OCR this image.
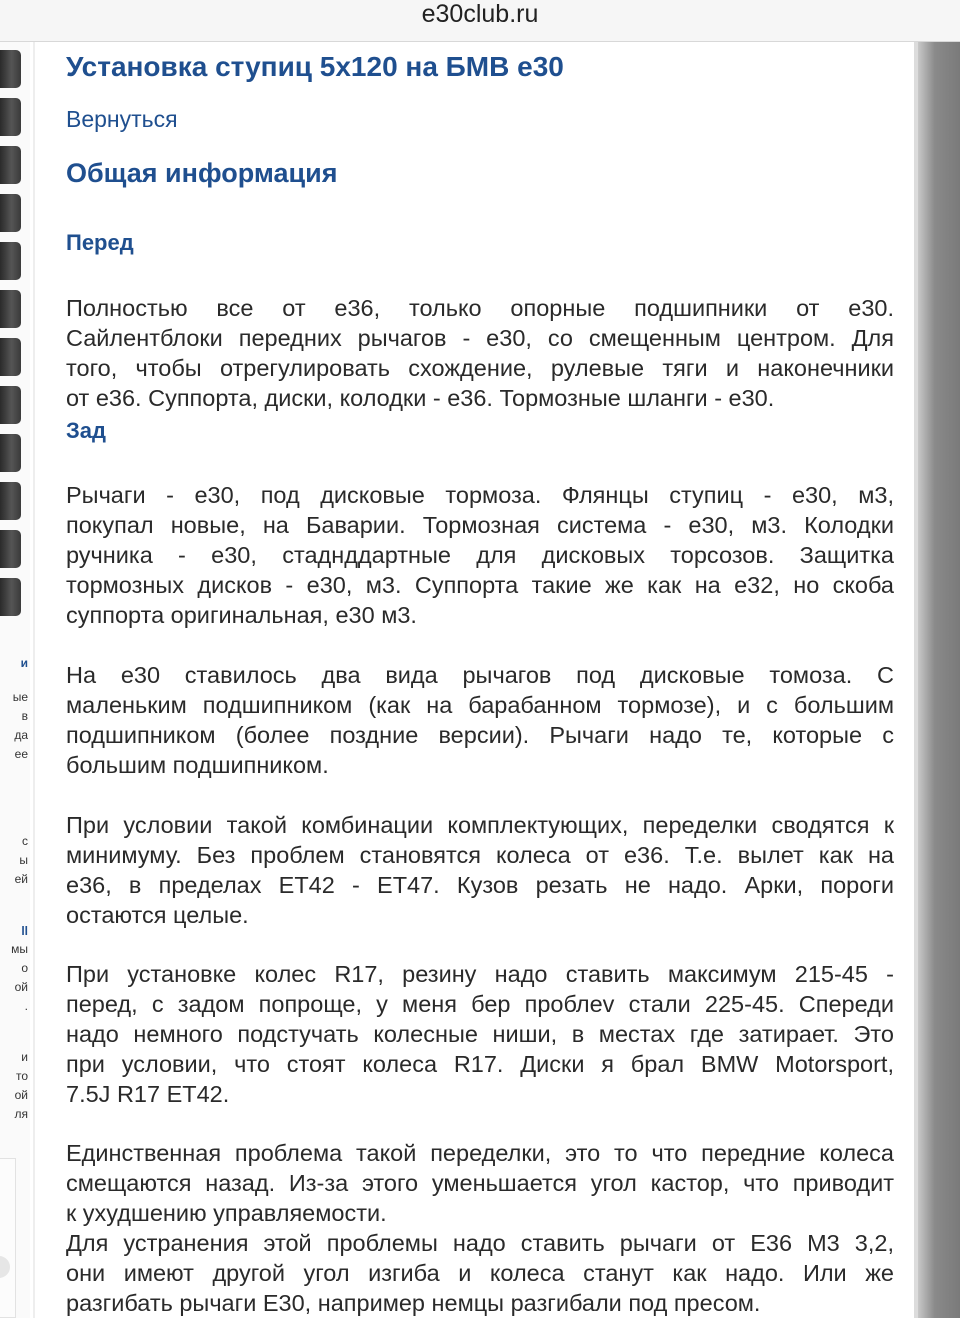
e30club.ru
и
ые
в
да
ее
с
ы
ей
ll
мы
о
ой
.
и
то
ой
ля
Установка ступиц 5х120 на БМВ е30
Вернуться
Общая информация
Перед
Полностью все от е36, только опорные подшипники от е30.
Сайлентблоки передних рычагов - е30, со смещенным центром. Для
того, чтобы отрегулировать схождение, рулевые тяги и наконечники
от е36. Суппорта, диски, колодки - е36. Тормозные шланги - е30.
Зад
Рычаги - е30, под дисковые тормоза. Флянцы ступиц - е30, м3,
покупал новые, на Баварии. Тормозная система - е30, м3. Колодки
ручника - е30, стаднддартные для дисковых торсозов. Защитка
тормозных дисков - е30, м3. Суппорта такие же как на е32, но скоба
суппорта оригинальная, е30 м3.
На е30 ставилось два вида рычагов под дисковые томоза. С
маленьким подшипником (как на барабанном тормозе), и с большим
подшипником (более поздние версии). Рычаги надо те, которые с
большим подшипником.
При условии такой комбинации комплектующих, переделки сводятся к
минимуму. Без проблем становятся колеса от е36. Т.е. вылет как на
е36, в пределах ЕТ42 - ЕТ47. Кузов резать не надо. Арки, пороги
остаются целые.
При установке колес R17, резину надо ставить максимум 215-45 -
перед, с задом попроще, у меня бер проблеv стали 225-45. Спереди
надо немного подстучать колесные ниши, в местах где затирает. Это
при условии, что стоят колеса R17. Диски я брал BMW Motorsport,
7.5J R17 ET42.
Единственная проблема такой переделки, это то что передние колеса
смещаются назад. Из-за этого уменьшается угол кастор, что приводит
к ухудшению управляемости.
Для устранения этой проблемы надо ставить рычаги от Е36 М3 3,2,
они имеют другой угол изгиба и колеса станут как надо. Или же
разгибать рычаги Е30, например немцы разгибали под пресом.
